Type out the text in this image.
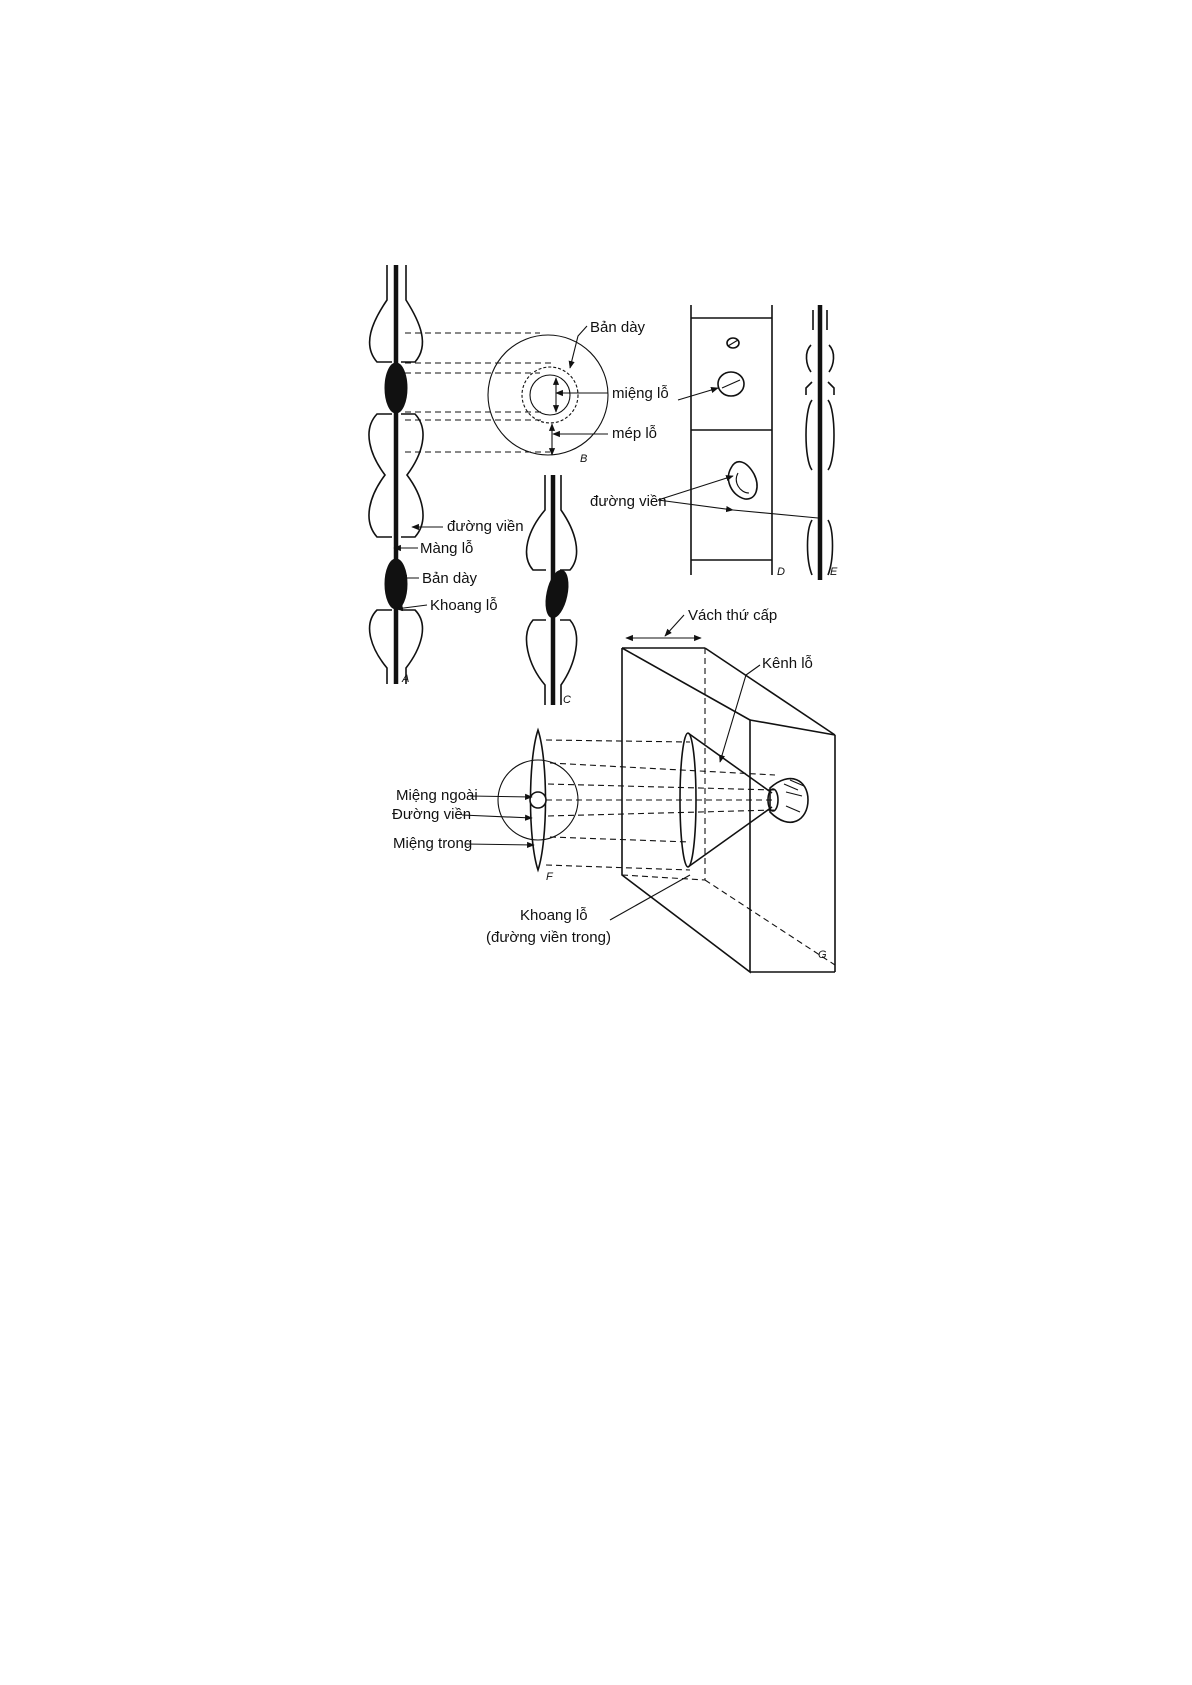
A
B
C
D	E
F
G
Bản dày
miệng lỗ
mép lỗ
đường viền
Màng lỗ
Bản dày
Khoang lỗ
đường viền
Vách thứ cấp
Kênh lỗ
Miệng ngoài
Đường viền
Miệng trong
Khoang lỗ
(đường viền trong)
